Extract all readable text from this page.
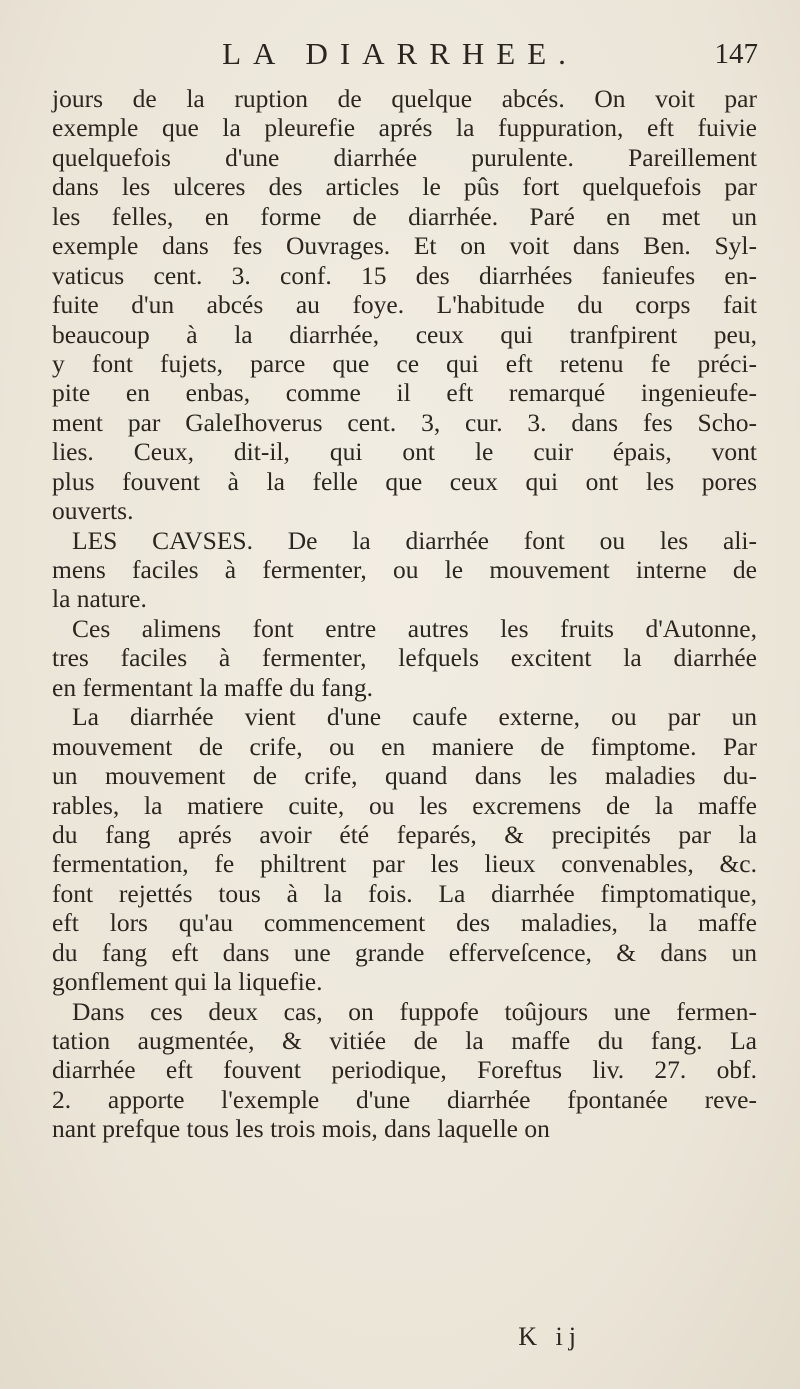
LA DIARRHEE.	147
jours de la ruption de quelque abcés. On voit par
exemple que la pleurefie aprés la fuppuration, eft fuivie
quelquefois d'une diarrhée purulente. Pareillement
dans les ulceres des articles le pûs fort quelquefois par
les felles, en forme de diarrhée. Paré en met un
exemple dans fes Ouvrages. Et on voit dans Ben. Syl-
vaticus cent. 3. conf. 15 des diarrhées fanieufes en-
fuite d'un abcés au foye. L'habitude du corps fait
beaucoup à la diarrhée, ceux qui tranfpirent peu,
y font fujets, parce que ce qui eft retenu fe préci-
pite en enbas, comme il eft remarqué ingenieufe-
ment par GaleIhoverus cent. 3, cur. 3. dans fes Scho-
lies. Ceux, dit-il, qui ont le cuir épais, vont
plus fouvent à la felle que ceux qui ont les pores
ouverts.
LES CAVSES. De la diarrhée font ou les ali-
mens faciles à fermenter, ou le mouvement interne de
la nature.
Ces alimens font entre autres les fruits d'Autonne,
tres faciles à fermenter, lefquels excitent la diarrhée
en fermentant la maffe du fang.
La diarrhée vient d'une caufe externe, ou par un
mouvement de crife, ou en maniere de fimptome. Par
un mouvement de crife, quand dans les maladies du-
rables, la matiere cuite, ou les excremens de la maffe
du fang aprés avoir été feparés, & precipités par la
fermentation, fe philtrent par les lieux convenables, &c.
font rejettés tous à la fois. La diarrhée fimptomatique,
eft lors qu'au commencement des maladies, la maffe
du fang eft dans une grande efferveſcence, & dans un
gonflement qui la liquefie.
Dans ces deux cas, on fuppofe toûjours une fermen-
tation augmentée, & vitiée de la maffe du fang. La
diarrhée eft fouvent periodique, Foreftus liv. 27. obf.
2. apporte l'exemple d'une diarrhée fpontanée reve-
nant prefque tous les trois mois, dans laquelle on
K ij
